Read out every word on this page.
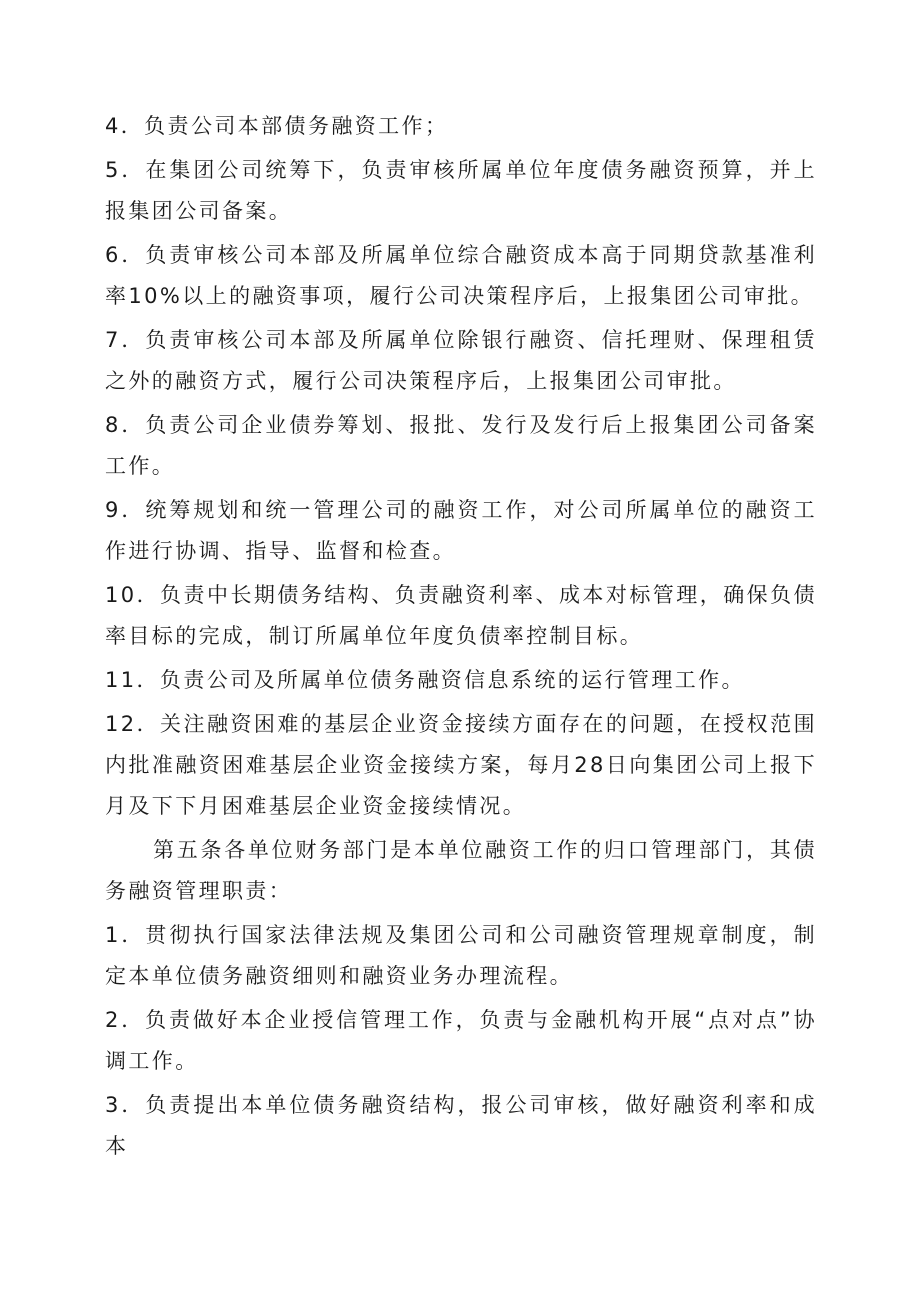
4．负责公司本部债务融资工作；

5．在集团公司统筹下，负责审核所属单位年度债务融资预算，并上报集团公司备案。

6．负责审核公司本部及所属单位综合融资成本高于同期贷款基准利率10%以上的融资事项，履行公司决策程序后，上报集团公司审批。

7．负责审核公司本部及所属单位除银行融资、信托理财、保理租赁之外的融资方式，履行公司决策程序后，上报集团公司审批。

8．负责公司企业债券筹划、报批、发行及发行后上报集团公司备案工作。

9．统筹规划和统一管理公司的融资工作，对公司所属单位的融资工作进行协调、指导、监督和检查。

10．负责中长期债务结构、负责融资利率、成本对标管理，确保负债率目标的完成，制订所属单位年度负债率控制目标。

11．负责公司及所属单位债务融资信息系统的运行管理工作。

12．关注融资困难的基层企业资金接续方面存在的问题，在授权范围内批准融资困难基层企业资金接续方案，每月28日向集团公司上报下月及下下月困难基层企业资金接续情况。

第五条各单位财务部门是本单位融资工作的归口管理部门，其债务融资管理职责：

1．贯彻执行国家法律法规及集团公司和公司融资管理规章制度，制定本单位债务融资细则和融资业务办理流程。

2．负责做好本企业授信管理工作，负责与金融机构开展“点对点”协调工作。

3．负责提出本单位债务融资结构，报公司审核，做好融资利率和成本
